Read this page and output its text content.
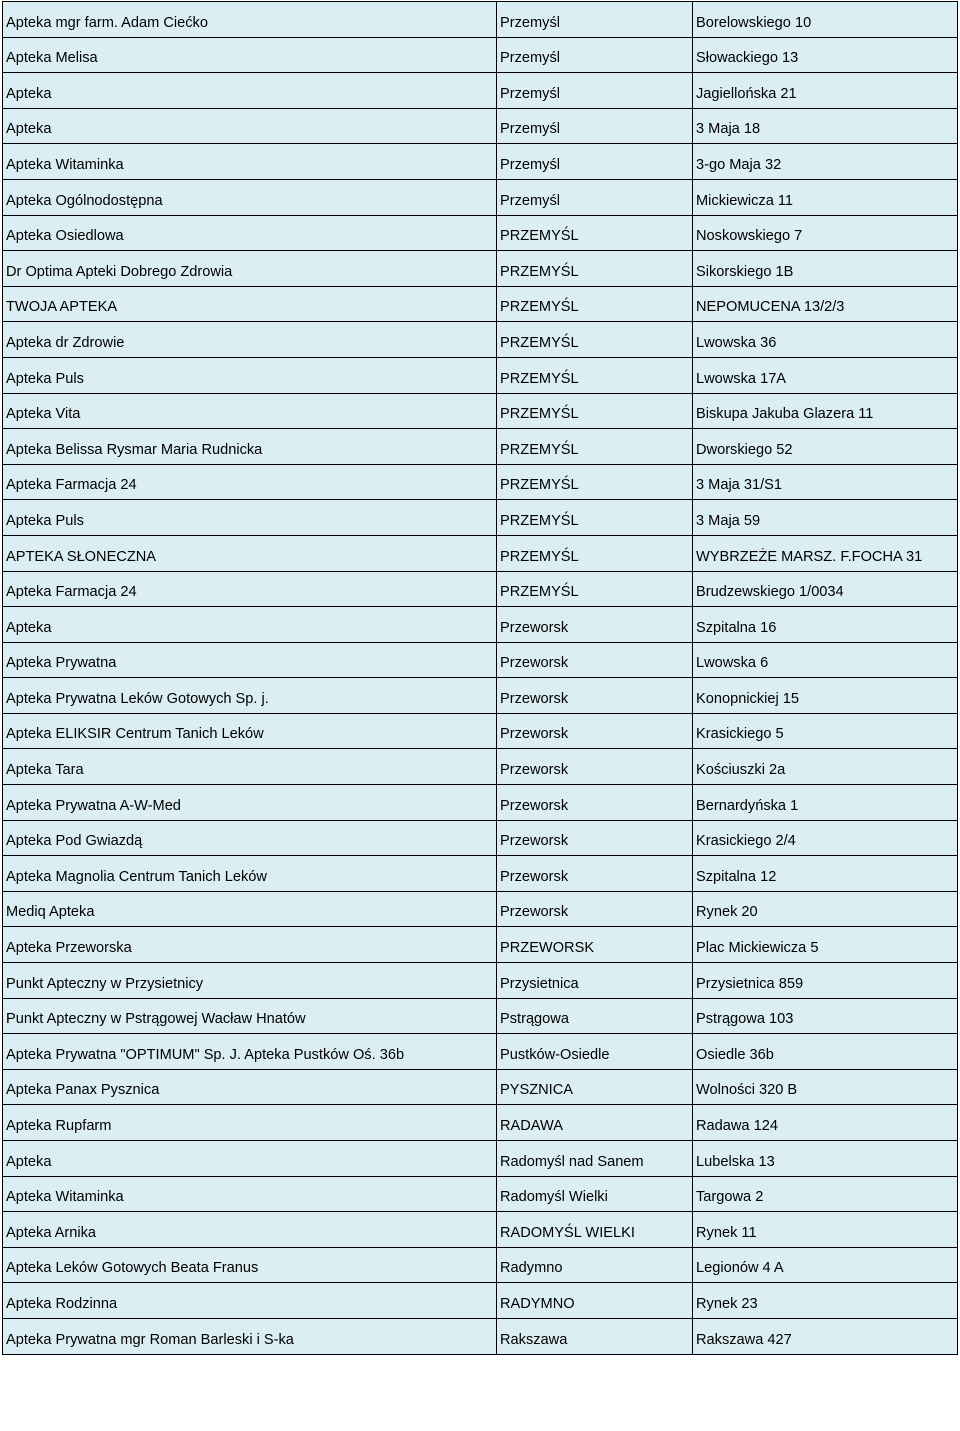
Apteka mgr farm. Adam Ciećko	Przemyśl	Borelowskiego 10
Apteka Melisa	Przemyśl	Słowackiego 13
Apteka	Przemyśl	Jagiellońska 21
Apteka	Przemyśl	3 Maja 18
Apteka Witaminka	Przemyśl	3-go Maja 32
Apteka Ogólnodostępna	Przemyśl	Mickiewicza 11
Apteka Osiedlowa	PRZEMYŚL	Noskowskiego 7
Dr Optima Apteki Dobrego Zdrowia	PRZEMYŚL	Sikorskiego 1B
TWOJA APTEKA	PRZEMYŚL	NEPOMUCENA 13/2/3
Apteka dr Zdrowie	PRZEMYŚL	Lwowska 36
Apteka Puls	PRZEMYŚL	Lwowska 17A
Apteka Vita	PRZEMYŚL	Biskupa Jakuba Glazera 11
Apteka Belissa Rysmar Maria Rudnicka	PRZEMYŚL	Dworskiego 52
Apteka Farmacja 24	PRZEMYŚL	3 Maja 31/S1
Apteka Puls	PRZEMYŚL	3 Maja 59
APTEKA SŁONECZNA	PRZEMYŚL	WYBRZEŻE MARSZ. F.FOCHA 31
Apteka Farmacja 24	PRZEMYŚL	Brudzewskiego 1/0034
Apteka	Przeworsk	Szpitalna 16
Apteka Prywatna	Przeworsk	Lwowska 6
Apteka Prywatna Leków Gotowych Sp. j.	Przeworsk	Konopnickiej 15
Apteka ELIKSIR Centrum Tanich Leków	Przeworsk	Krasickiego 5
Apteka Tara	Przeworsk	Kościuszki 2a
Apteka Prywatna A-W-Med	Przeworsk	Bernardyńska 1
Apteka Pod Gwiazdą	Przeworsk	Krasickiego 2/4
Apteka Magnolia Centrum Tanich Leków	Przeworsk	Szpitalna 12
Mediq Apteka	Przeworsk	Rynek 20
Apteka Przeworska	PRZEWORSK	Plac Mickiewicza 5
Punkt Apteczny w Przysietnicy	Przysietnica	Przysietnica 859
Punkt Apteczny w Pstrągowej Wacław Hnatów	Pstrągowa	Pstrągowa 103
Apteka Prywatna "OPTIMUM" Sp. J. Apteka Pustków Oś. 36b	Pustków-Osiedle	Osiedle 36b
Apteka Panax Pysznica	PYSZNICA	Wolności 320 B
Apteka Rupfarm	RADAWA	Radawa 124
Apteka	Radomyśl nad Sanem	Lubelska 13
Apteka Witaminka	Radomyśl Wielki	Targowa 2
Apteka Arnika	RADOMYŚL WIELKI	Rynek 11
Apteka Leków Gotowych Beata Franus	Radymno	Legionów 4 A
Apteka Rodzinna	RADYMNO	Rynek 23
Apteka Prywatna mgr Roman Barleski i S-ka	Rakszawa	Rakszawa 427
